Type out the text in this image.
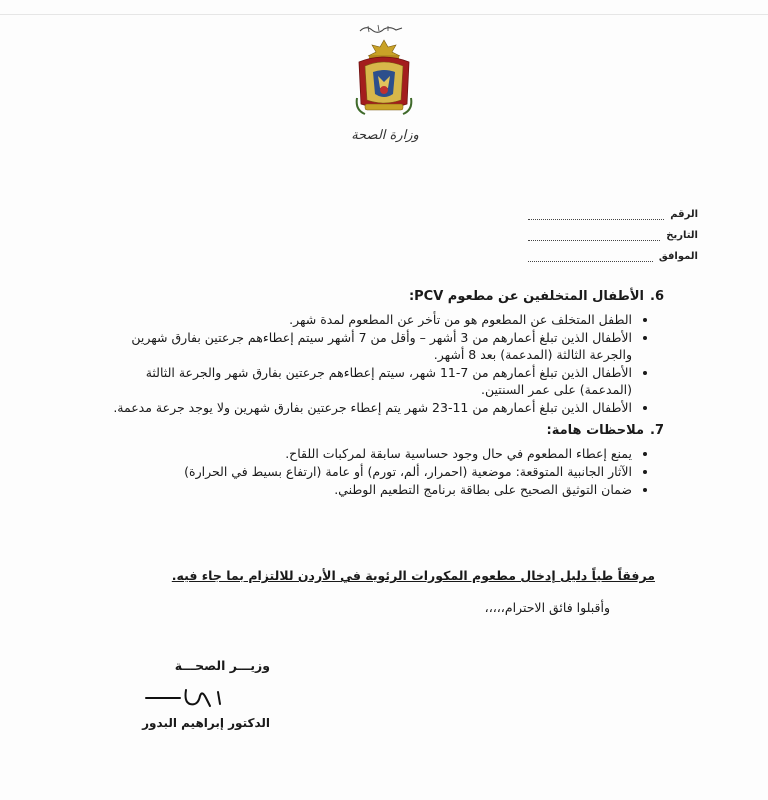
وزارة الصحة
الرقم
التاريخ
الموافق
6.
الأطفال المتخلفين عن مطعوم PCV:
• الطفل المتخلف عن المطعوم هو من تأخر عن المطعوم لمدة شهر.
• الأطفال الذين تبلغ أعمارهم من 3 أشهر – وأقل من 7 أشهر سيتم إعطاءهم جرعتين بفارق شهرين والجرعة الثالثة (المدعمة) بعد 8 أشهر.
• الأطفال الذين تبلغ أعمارهم من 7-11 شهر، سيتم إعطاءهم جرعتين بفارق شهر والجرعة الثالثة (المدعمة) على عمر السنتين.
• الأطفال الذين تبلغ أعمارهم من 11-23 شهر يتم إعطاء جرعتين بفارق شهرين ولا يوجد جرعة مدعمة.
7.
ملاحظات هامة:
• يمنع إعطاء المطعوم في حال وجود حساسية سابقة لمركبات اللقاح.
• الآثار الجانبية المتوقعة: موضعية (احمرار، ألم، تورم) أو عامة (ارتفاع بسيط في الحرارة)
• ضمان التوثيق الصحيح على بطاقة برنامج التطعيم الوطني.
مرفقاً طياً دليل إدخال مطعوم المكورات الرئوية في الأردن للالتزام بما جاء فيه.
وأقبلوا فائق الاحترام،،،،،
وزيـــر الصحـــة
الدكتور إبراهيم البدور
